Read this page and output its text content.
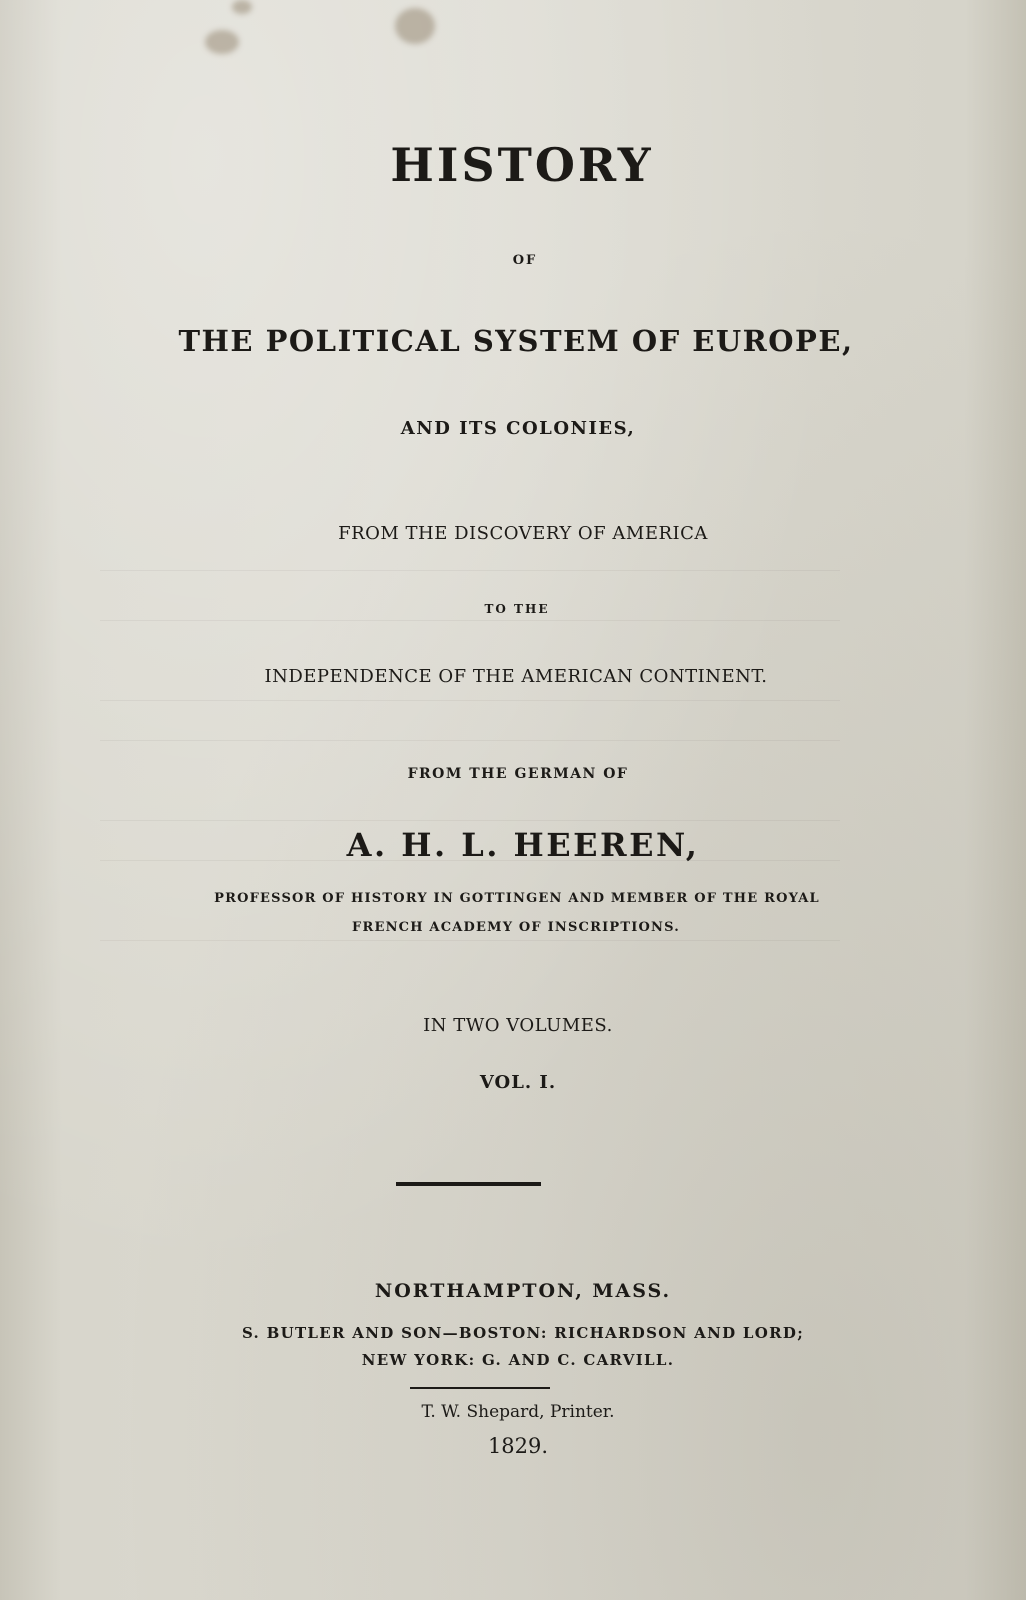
HISTORY

OF

THE POLITICAL SYSTEM OF EUROPE,

AND ITS COLONIES,

FROM THE DISCOVERY OF AMERICA

TO THE

INDEPENDENCE OF THE AMERICAN CONTINENT.

FROM THE GERMAN OF

A. H. L. HEEREN,

PROFESSOR OF HISTORY IN GOTTINGEN AND MEMBER OF THE ROYAL

FRENCH ACADEMY OF INSCRIPTIONS.

IN TWO VOLUMES.

VOL. I.

NORTHAMPTON, MASS.

S. BUTLER AND SON—BOSTON: RICHARDSON AND LORD;

NEW YORK: G. AND C. CARVILL.

T. W. Shepard, Printer.

1829.
